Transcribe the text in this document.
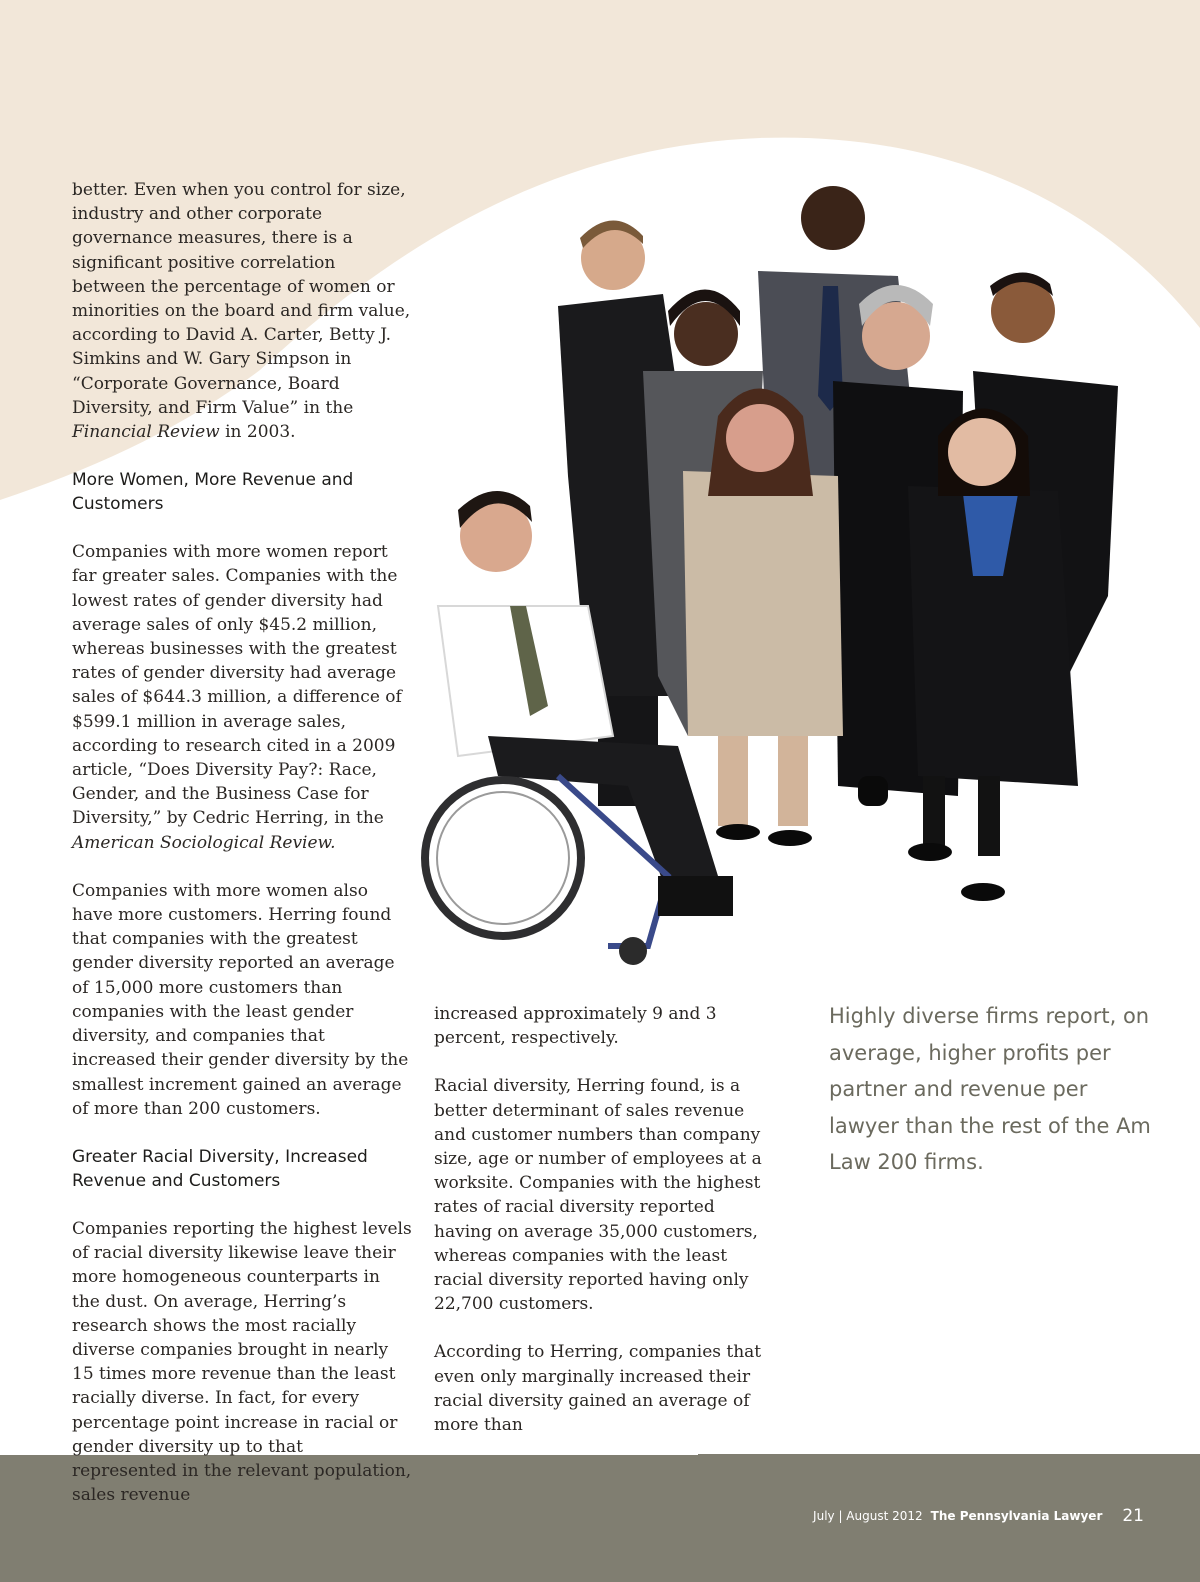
better. Even when you control for size, industry and other corporate governance measures, there is a significant positive correlation between the percentage of women or minorities on the board and firm value, according to David A. Carter, Betty J. Simkins and W. Gary Simpson in “Corporate Governance, Board Diversity, and Firm Value” in the Financial Review in 2003.

More Women, More Revenue and Customers

Companies with more women report far greater sales. Companies with the lowest rates of gender diversity had average sales of only $45.2 million, whereas businesses with the greatest rates of gender diversity had average sales of $644.3 million, a difference of $599.1 million in average sales, according to research cited in a 2009 article, “Does Diversity Pay?: Race, Gender, and the Business Case for Diversity,” by Cedric Herring, in the American Sociological Review.

Companies with more women also have more customers. Herring found that companies with the greatest gender diversity reported an average of 15,000 more customers than companies with the least gender diversity, and companies that increased their gender diversity by the smallest increment gained an average of more than 200 customers.

Greater Racial Diversity, Increased Revenue and Customers

Companies reporting the highest levels of racial diversity likewise leave their more homogeneous counterparts in the dust. On average, Herring’s research shows the most racially diverse companies brought in nearly 15 times more revenue than the least racially diverse. In fact, for every percentage point increase in racial or gender diversity up to that represented in the relevant population, sales revenue

increased approximately 9 and 3 percent, respectively.

Racial diversity, Herring found, is a better determinant of sales revenue and customer numbers than company size, age or number of employees at a worksite. Companies with the highest rates of racial diversity reported having on average 35,000 customers, whereas companies with the least racial diversity reported having only 22,700 customers.

According to Herring, companies that even only marginally increased their racial diversity gained an average of more than

Highly diverse firms report, on average, higher profits per partner and revenue per lawyer than the rest of the Am Law 200 firms.
July | August 2012 The Pennsylvania Lawyer 21
